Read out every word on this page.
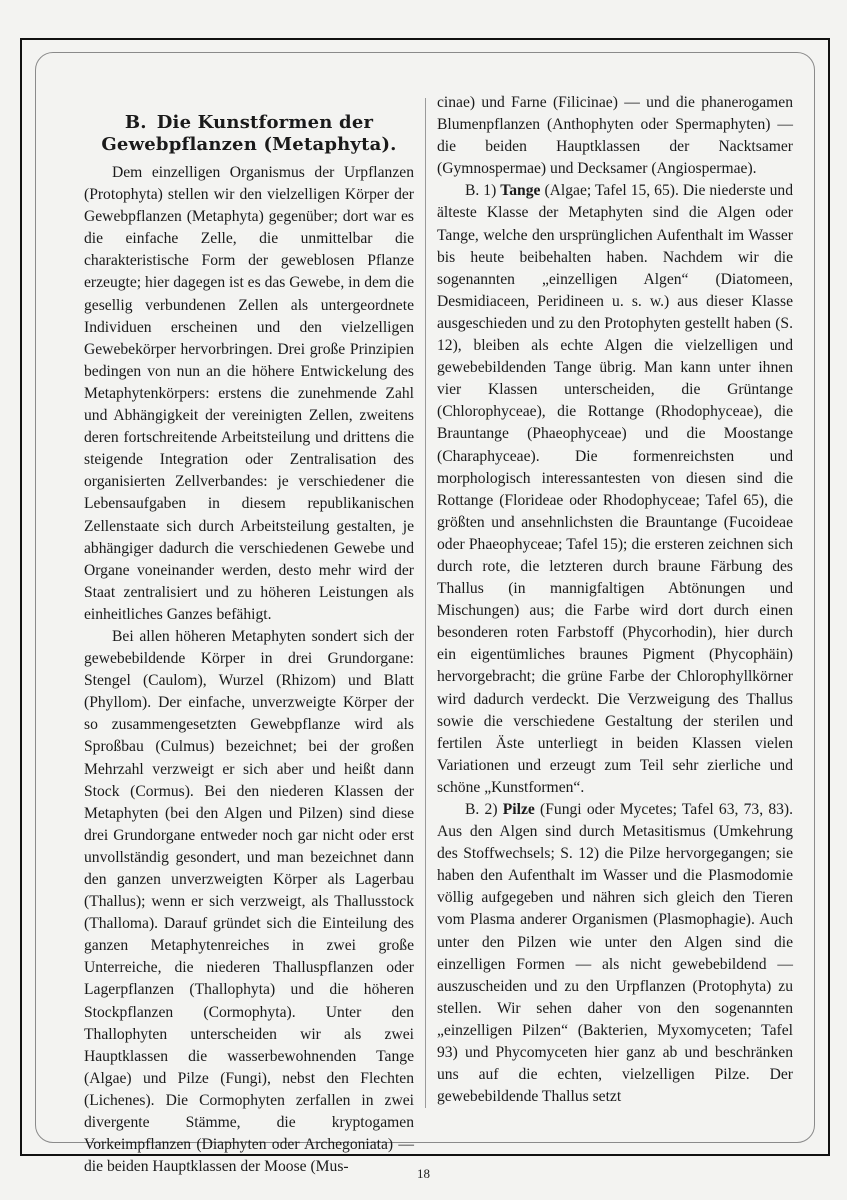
B. Die Kunstformen der Gewebpflanzen (Metaphyta).

Dem einzelligen Organismus der Urpflanzen (Protophyta) stellen wir den vielzelligen Körper der Gewebpflanzen (Metaphyta) gegenüber; dort war es die einfache Zelle, die unmittelbar die charakteristische Form der geweblosen Pflanze erzeugte; hier dagegen ist es das Gewebe, in dem die gesellig verbundenen Zellen als untergeordnete Individuen erscheinen und den vielzelligen Gewebekörper hervorbringen. Drei große Prinzipien bedingen von nun an die höhere Entwickelung des Metaphytenkörpers: erstens die zunehmende Zahl und Abhängigkeit der vereinigten Zellen, zweitens deren fortschreitende Arbeitsteilung und drittens die steigende Integration oder Zentralisation des organisierten Zellverbandes: je verschiedener die Lebensaufgaben in diesem republikanischen Zellenstaate sich durch Arbeitsteilung gestalten, je abhängiger dadurch die verschiedenen Gewebe und Organe voneinander werden, desto mehr wird der Staat zentralisiert und zu höheren Leistungen als einheitliches Ganzes befähigt.

Bei allen höheren Metaphyten sondert sich der gewebebildende Körper in drei Grundorgane: Stengel (Caulom), Wurzel (Rhizom) und Blatt (Phyllom). Der einfache, unverzweigte Körper der so zusammengesetzten Gewebpflanze wird als Sproßbau (Culmus) bezeichnet; bei der großen Mehrzahl verzweigt er sich aber und heißt dann Stock (Cormus). Bei den niederen Klassen der Metaphyten (bei den Algen und Pilzen) sind diese drei Grundorgane entweder noch gar nicht oder erst unvollständig gesondert, und man bezeichnet dann den ganzen unverzweigten Körper als Lagerbau (Thallus); wenn er sich verzweigt, als Thallusstock (Thalloma). Darauf gründet sich die Einteilung des ganzen Metaphytenreiches in zwei große Unterreiche, die niederen Thalluspflanzen oder Lagerpflanzen (Thallophyta) und die höheren Stockpflanzen (Cormophyta). Unter den Thallophyten unterscheiden wir als zwei Hauptklassen die wasserbewohnenden Tange (Algae) und Pilze (Fungi), nebst den Flechten (Lichenes). Die Cormophyten zerfallen in zwei divergente Stämme, die kryptogamen Vorkeimpflanzen (Diaphyten oder Archegoniata) — die beiden Hauptklassen der Moose (Mus-

cinae) und Farne (Filicinae) — und die phanerogamen Blumenpflanzen (Anthophyten oder Spermaphyten) — die beiden Hauptklassen der Nacktsamer (Gymnospermae) und Decksamer (Angiospermae).

B. 1) Tange (Algae; Tafel 15, 65). Die niederste und älteste Klasse der Metaphyten sind die Algen oder Tange, welche den ursprünglichen Aufenthalt im Wasser bis heute beibehalten haben. Nachdem wir die sogenannten „einzelligen Algen“ (Diatomeen, Desmidiaceen, Peridineen u. s. w.) aus dieser Klasse ausgeschieden und zu den Protophyten gestellt haben (S. 12), bleiben als echte Algen die vielzelligen und gewebebildenden Tange übrig. Man kann unter ihnen vier Klassen unterscheiden, die Grüntange (Chlorophyceae), die Rottange (Rhodophyceae), die Brauntange (Phaeophyceae) und die Moostange (Charaphyceae). Die formenreichsten und morphologisch interessantesten von diesen sind die Rottange (Florideae oder Rhodophyceae; Tafel 65), die größten und ansehnlichsten die Brauntange (Fucoideae oder Phaeophyceae; Tafel 15); die ersteren zeichnen sich durch rote, die letzteren durch braune Färbung des Thallus (in mannigfaltigen Abtönungen und Mischungen) aus; die Farbe wird dort durch einen besonderen roten Farbstoff (Phycorhodin), hier durch ein eigentümliches braunes Pigment (Phycophäin) hervorgebracht; die grüne Farbe der Chlorophyllkörner wird dadurch verdeckt. Die Verzweigung des Thallus sowie die verschiedene Gestaltung der sterilen und fertilen Äste unterliegt in beiden Klassen vielen Variationen und erzeugt zum Teil sehr zierliche und schöne „Kunstformen“.

B. 2) Pilze (Fungi oder Mycetes; Tafel 63, 73, 83). Aus den Algen sind durch Metasitismus (Umkehrung des Stoffwechsels; S. 12) die Pilze hervorgegangen; sie haben den Aufenthalt im Wasser und die Plasmodomie völlig aufgegeben und nähren sich gleich den Tieren vom Plasma anderer Organismen (Plasmophagie). Auch unter den Pilzen wie unter den Algen sind die einzelligen Formen — als nicht gewebebildend — auszuscheiden und zu den Urpflanzen (Protophyta) zu stellen. Wir sehen daher von den sogenannten „einzelligen Pilzen“ (Bakterien, Myxomyceten; Tafel 93) und Phycomyceten hier ganz ab und beschränken uns auf die echten, vielzelligen Pilze. Der gewebebildende Thallus setzt

18
